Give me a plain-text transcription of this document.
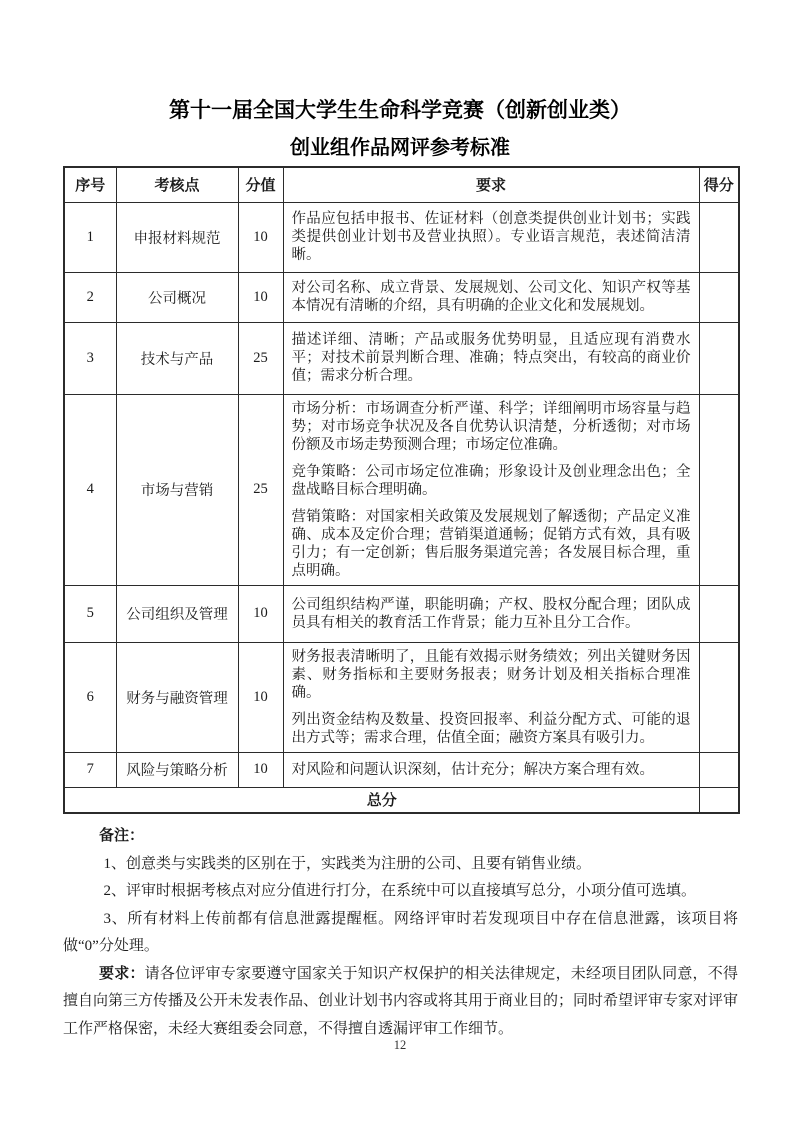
第十一届全国大学生生命科学竞赛（创新创业类）
创业组作品网评参考标准
序号	考核点	分值	要求	得分
1	申报材料规范	10	作品应包括申报书、佐证材料（创意类提供创业计划书；实践类提供创业计划书及营业执照）。专业语言规范，表述简洁清晰。	

2	公司概况	10	对公司名称、成立背景、发展规划、公司文化、知识产权等基本情况有清晰的介绍，具有明确的企业文化和发展规划。	

3	技术与产品	25	描述详细、清晰；产品或服务优势明显，且适应现有消费水平；对技术前景判断合理、准确；特点突出，有较高的商业价值；需求分析合理。	

4	市场与营销	25	市场分析：市场调查分析严谨、科学；详细阐明市场容量与趋势；对市场竞争状况及各自优势认识清楚，分析透彻；对市场份额及市场走势预测合理；市场定位准确。

竞争策略：公司市场定位准确；形象设计及创业理念出色；全盘战略目标合理明确。

营销策略：对国家相关政策及发展规划了解透彻；产品定义准确、成本及定价合理；营销渠道通畅；促销方式有效，具有吸引力；有一定创新；售后服务渠道完善；各发展目标合理，重点明确。	

5	公司组织及管理	10	公司组织结构严谨，职能明确；产权、股权分配合理；团队成员具有相关的教育活工作背景；能力互补且分工合作。	

6	财务与融资管理	10	财务报表清晰明了，且能有效揭示财务绩效；列出关键财务因素、财务指标和主要财务报表；财务计划及相关指标合理准确。

列出资金结构及数量、投资回报率、利益分配方式、可能的退出方式等；需求合理，估值全面；融资方案具有吸引力。	

7	风险与策略分析	10	对风险和问题认识深刻，估计充分；解决方案合理有效。	

总分				

备注：

1、创意类与实践类的区别在于，实践类为注册的公司、且要有销售业绩。

2、评审时根据考核点对应分值进行打分，在系统中可以直接填写总分，小项分值可选填。

3、所有材料上传前都有信息泄露提醒框。网络评审时若发现项目中存在信息泄露，该项目将做“0”分处理。

要求：请各位评审专家要遵守国家关于知识产权保护的相关法律规定，未经项目团队同意，不得擅自向第三方传播及公开未发表作品、创业计划书内容或将其用于商业目的；同时希望评审专家对评审工作严格保密，未经大赛组委会同意，不得擅自透漏评审工作细节。

12
